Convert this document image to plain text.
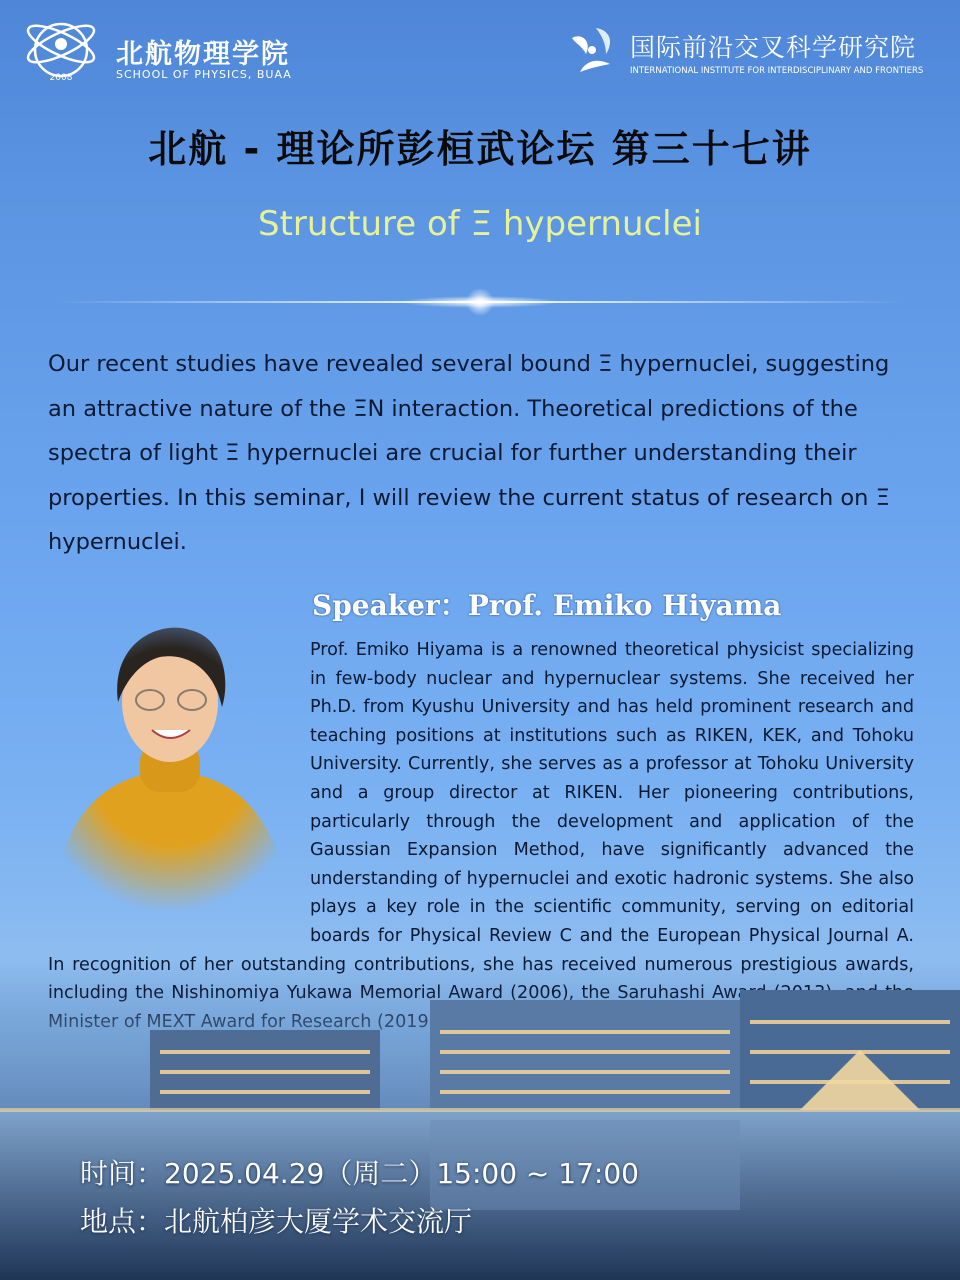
2008
北航物理学院
SCHOOL OF PHYSICS, BUAA
国际前沿交叉科学研究院
INTERNATIONAL INSTITUTE FOR INTERDISCIPLINARY AND FRONTIERS
北航 - 理论所彭桓武论坛 第三十七讲
Structure of Ξ hypernuclei
Our recent studies have revealed several bound Ξ hypernuclei, suggesting an attractive nature of the ΞN interaction. Theoretical predictions of the spectra of light Ξ hypernuclei are crucial for further understanding their properties. In this seminar, I will review the current status of research on Ξ hypernuclei.
Speaker：Prof. Emiko Hiyama
Prof. Emiko Hiyama is a renowned theoretical physicist specializing in few-body nuclear and hypernuclear systems. She received her Ph.D. from Kyushu University and has held prominent research and teaching positions at institutions such as RIKEN, KEK, and Tohoku University. Currently, she serves as a professor at Tohoku University and a group director at RIKEN. Her pioneering contributions, particularly through the development and application of the Gaussian Expansion Method, have significantly advanced the understanding of hypernuclei and exotic hadronic systems. She also plays a key role in the scientific community, serving on editorial boards for Physical Review C and the European Physical Journal A. In recognition of her outstanding contributions, she has received numerous prestigious awards,
时间：2025.04.29（周二）15:00 ~ 17:00
地点：北航柏彦大厦学术交流厅
